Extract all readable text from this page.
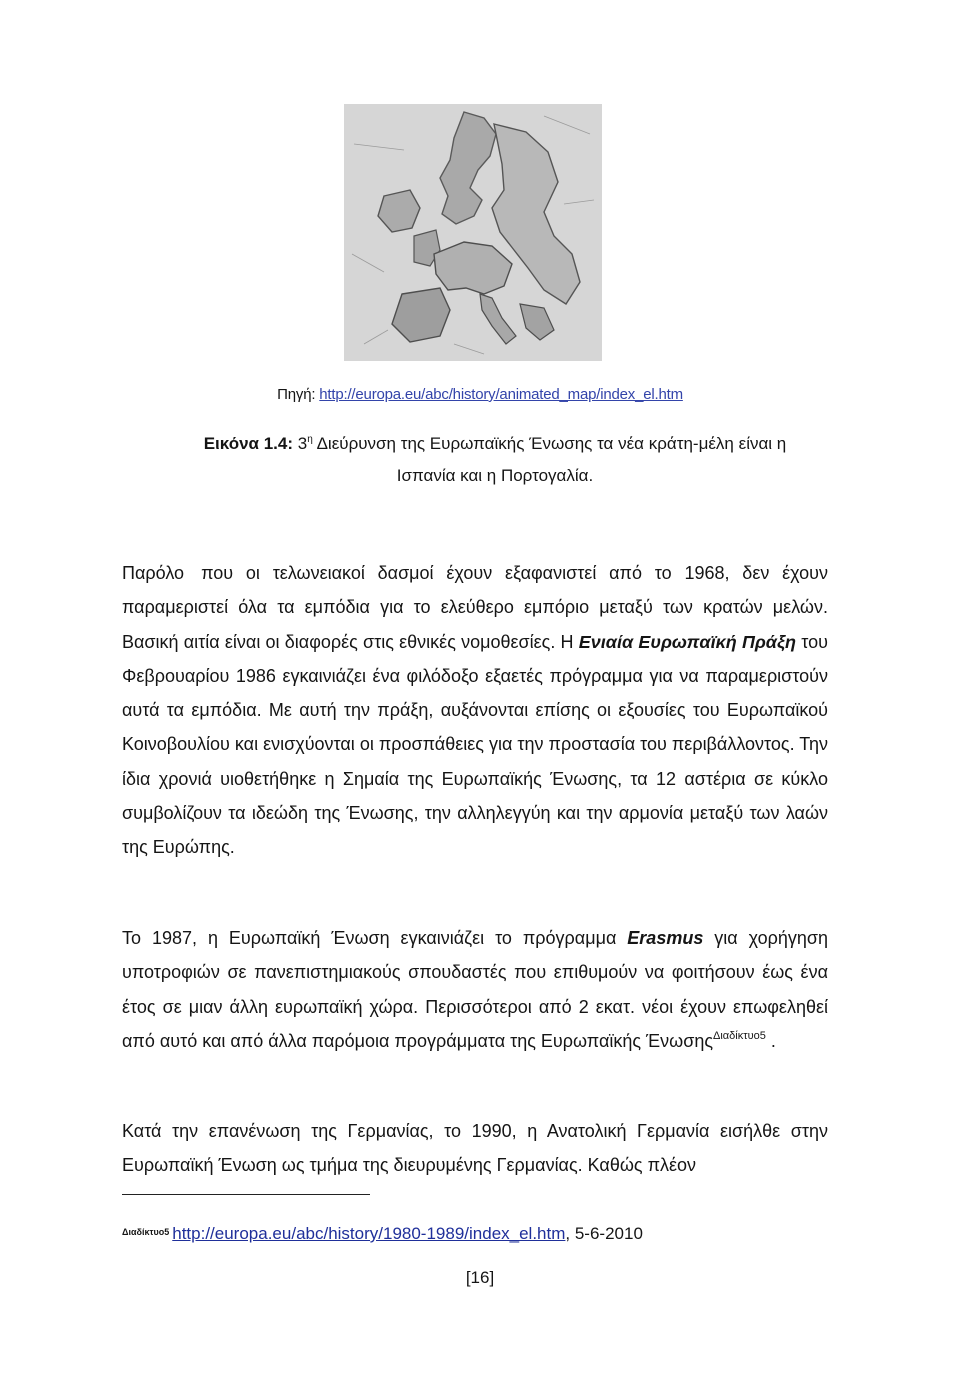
Πηγή: http://europa.eu/abc/history/animated_map/index_el.htm
Εικόνα 1.4: $3^\eta$ Διεύρυνση της Ευρωπαϊκής Ένωσης τα νέα κράτη-μέλη είναι η
Ισπανία και η Πορτογαλία.

Παρόλο που οι τελωνειακοί δασμοί έχουν εξαφανιστεί από το 1968, δεν έχουν παραμεριστεί όλα τα εμπόδια για το ελεύθερο εμπόριο μεταξύ των κρατών μελών. Βασική αιτία είναι οι διαφορές στις εθνικές νομοθεσίες. Η Ενιαία Ευρωπαϊκή Πράξη του Φεβρουαρίου 1986 εγκαινιάζει ένα φιλόδοξο εξαετές πρόγραμμα για να παραμεριστούν αυτά τα εμπόδια. Με αυτή την πράξη, αυξάνονται επίσης οι εξουσίες του Ευρωπαϊκού Κοινοβουλίου και ενισχύονται οι προσπάθειες για την προστασία του περιβάλλοντος. Την ίδια χρονιά υιοθετήθηκε η Σημαία της Ευρωπαϊκής Ένωσης, τα 12 αστέρια σε κύκλο συμβολίζουν τα ιδεώδη της Ένωσης, την αλληλεγγύη και την αρμονία μεταξύ των λαών της Ευρώπης.

Το 1987, η Ευρωπαϊκή Ένωση εγκαινιάζει το πρόγραμμα Erasmus για χορήγηση υποτροφιών σε πανεπιστημιακούς σπουδαστές που επιθυμούν να φοιτήσουν έως ένα έτος σε μιαν άλλη ευρωπαϊκή χώρα. Περισσότεροι από 2 εκατ. νέοι έχουν επωφεληθεί από αυτό και από άλλα παρόμοια προγράμματα της Ευρωπαϊκής Ένωσης$^{\Delta\iota\alpha\delta ί\kappa\tau\upsilon o5}$ .

Κατά την επανένωση της Γερμανίας, το 1990, η Ανατολική Γερμανία εισήλθε στην Ευρωπαϊκή Ένωση ως τμήμα της διευρυμένης Γερμανίας. Καθώς πλέον

$^{\Delta\iota\alpha\delta ί\kappa\tau\upsilon o5}$ http://europa.eu/abc/history/1980-1989/index_el.htm, 5-6-2010
[16]
